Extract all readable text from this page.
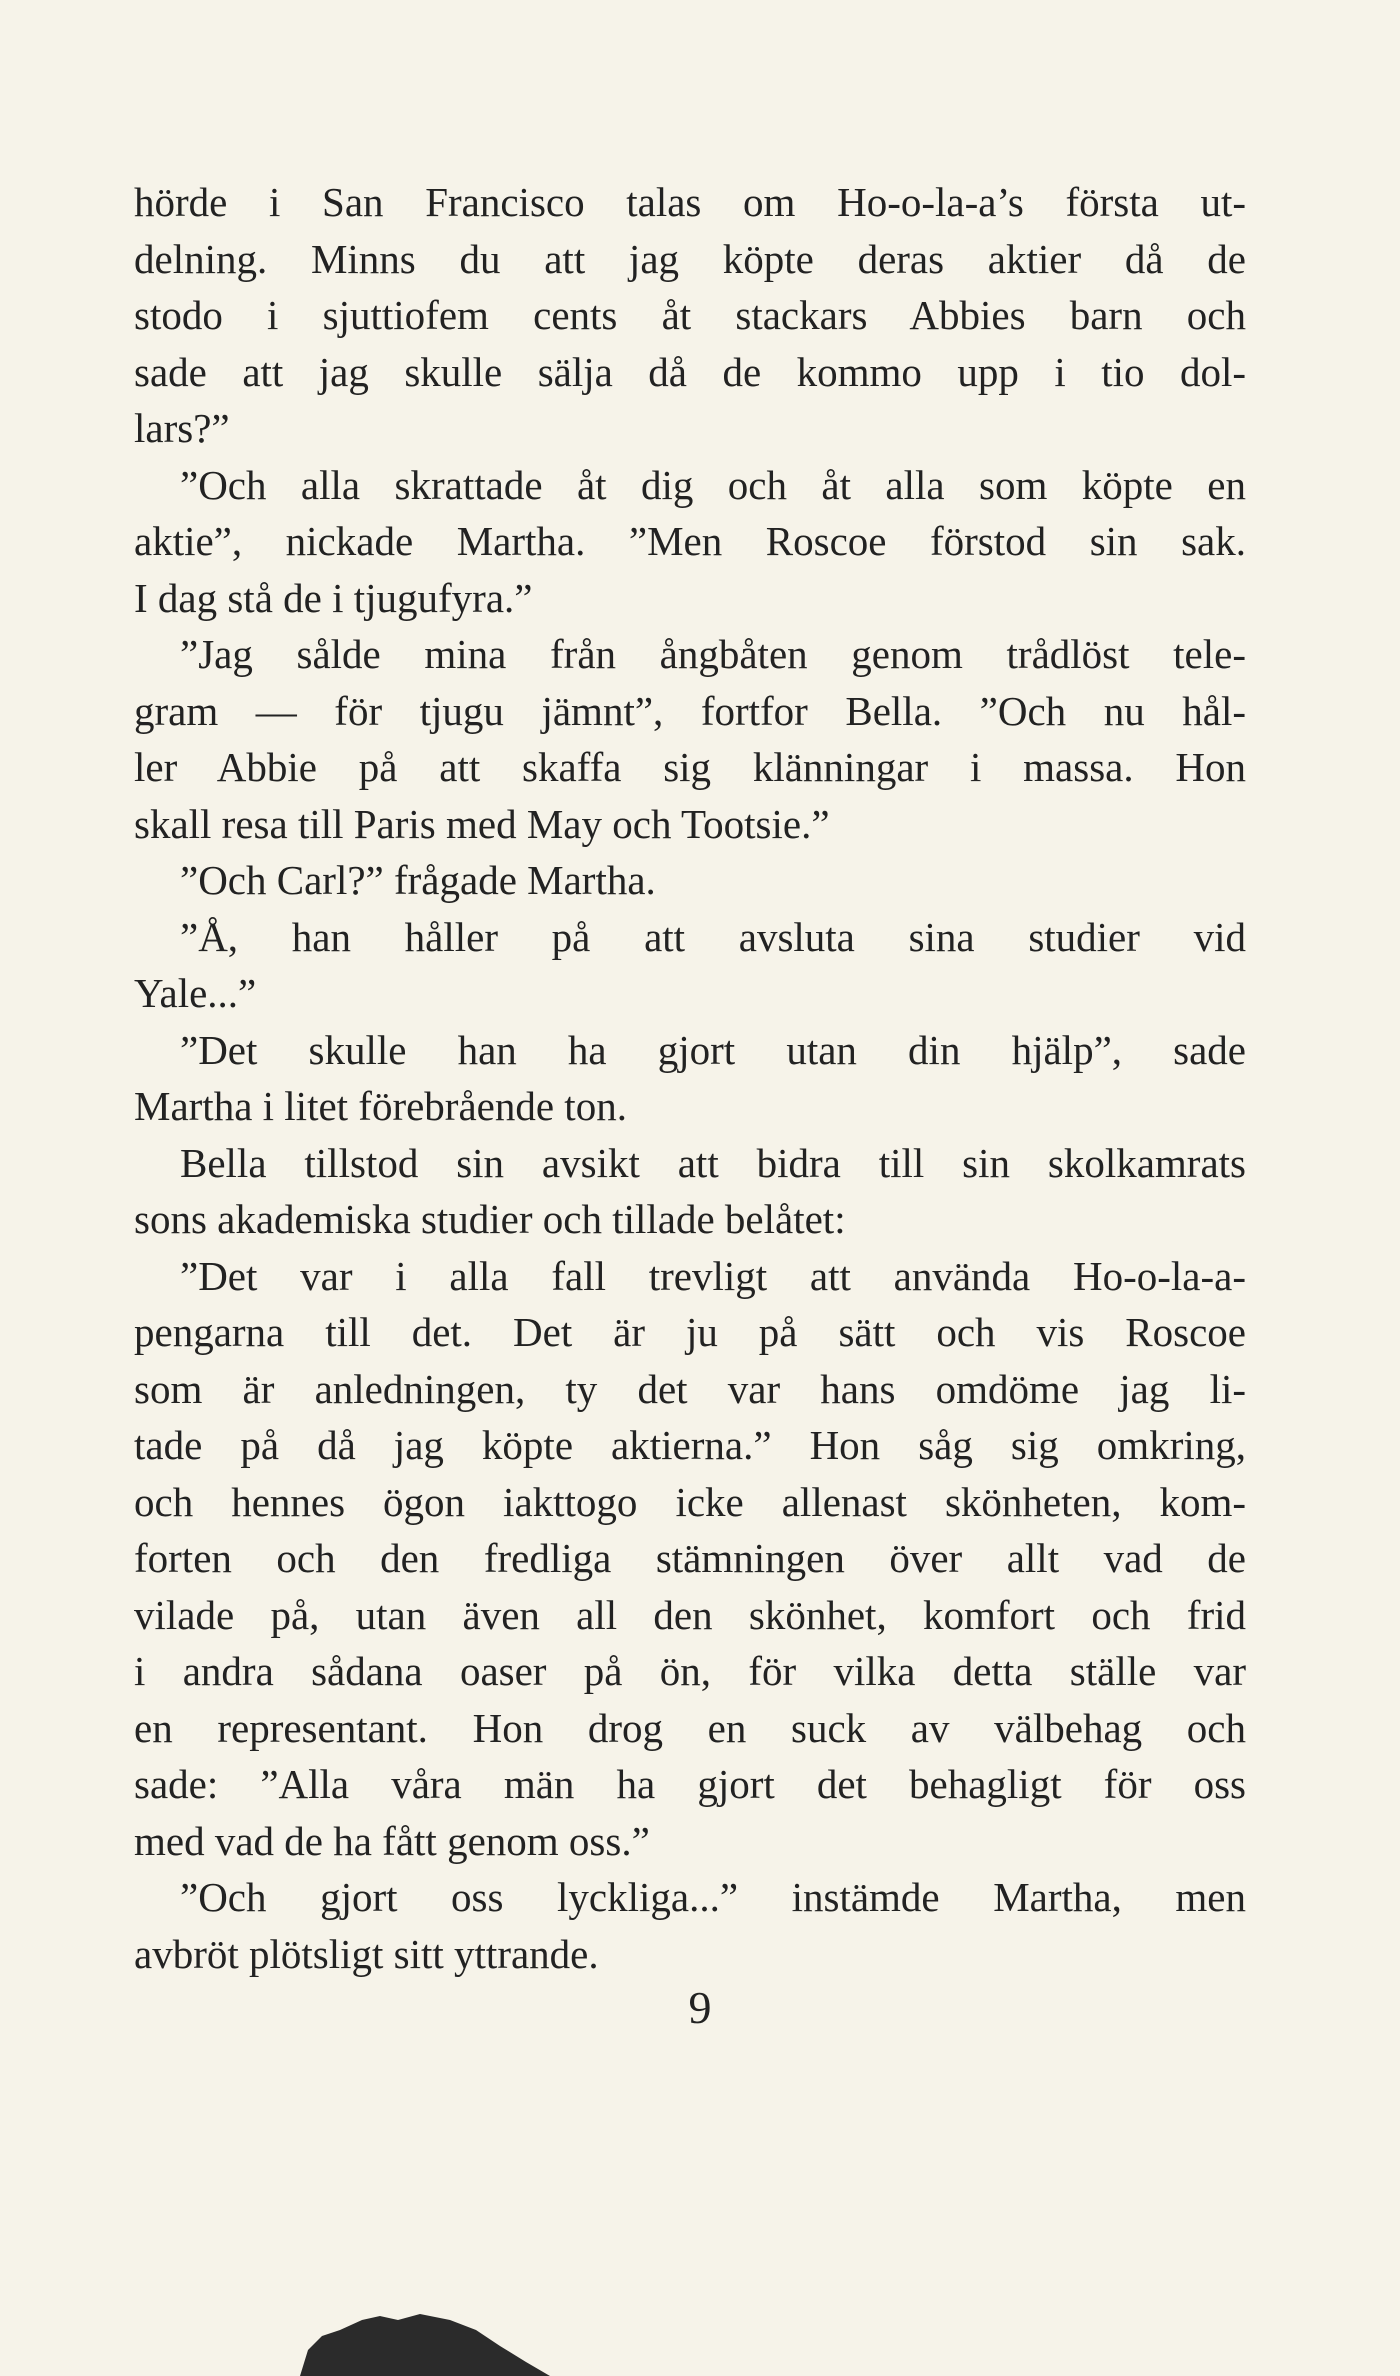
hörde i San Francisco talas om Ho-o-la-a’s första ut-
delning. Minns du att jag köpte deras aktier då de
stodo i sjuttiofem cents åt stackars Abbies barn och
sade att jag skulle sälja då de kommo upp i tio dol-
lars?”
”Och alla skrattade åt dig och åt alla som köpte en
aktie”, nickade Martha. ”Men Roscoe förstod sin sak.
I dag stå de i tjugufyra.”
”Jag sålde mina från ångbåten genom trådlöst tele-
gram — för tjugu jämnt”, fortfor Bella. ”Och nu hål-
ler Abbie på att skaffa sig klänningar i massa. Hon
skall resa till Paris med May och Tootsie.”
”Och Carl?” frågade Martha.
”Å, han håller på att avsluta sina studier vid
Yale...”
”Det skulle han ha gjort utan din hjälp”, sade
Martha i litet förebrående ton.
Bella tillstod sin avsikt att bidra till sin skolkamrats
sons akademiska studier och tillade belåtet:
”Det var i alla fall trevligt att använda Ho-o-la-a-
pengarna till det. Det är ju på sätt och vis Roscoe
som är anledningen, ty det var hans omdöme jag li-
tade på då jag köpte aktierna.” Hon såg sig omkring,
och hennes ögon iakttogo icke allenast skönheten, kom-
forten och den fredliga stämningen över allt vad de
vilade på, utan även all den skönhet, komfort och frid
i andra sådana oaser på ön, för vilka detta ställe var
en representant. Hon drog en suck av välbehag och
sade: ”Alla våra män ha gjort det behagligt för oss
med vad de ha fått genom oss.”
”Och gjort oss lyckliga...” instämde Martha, men
avbröt plötsligt sitt yttrande.
9
